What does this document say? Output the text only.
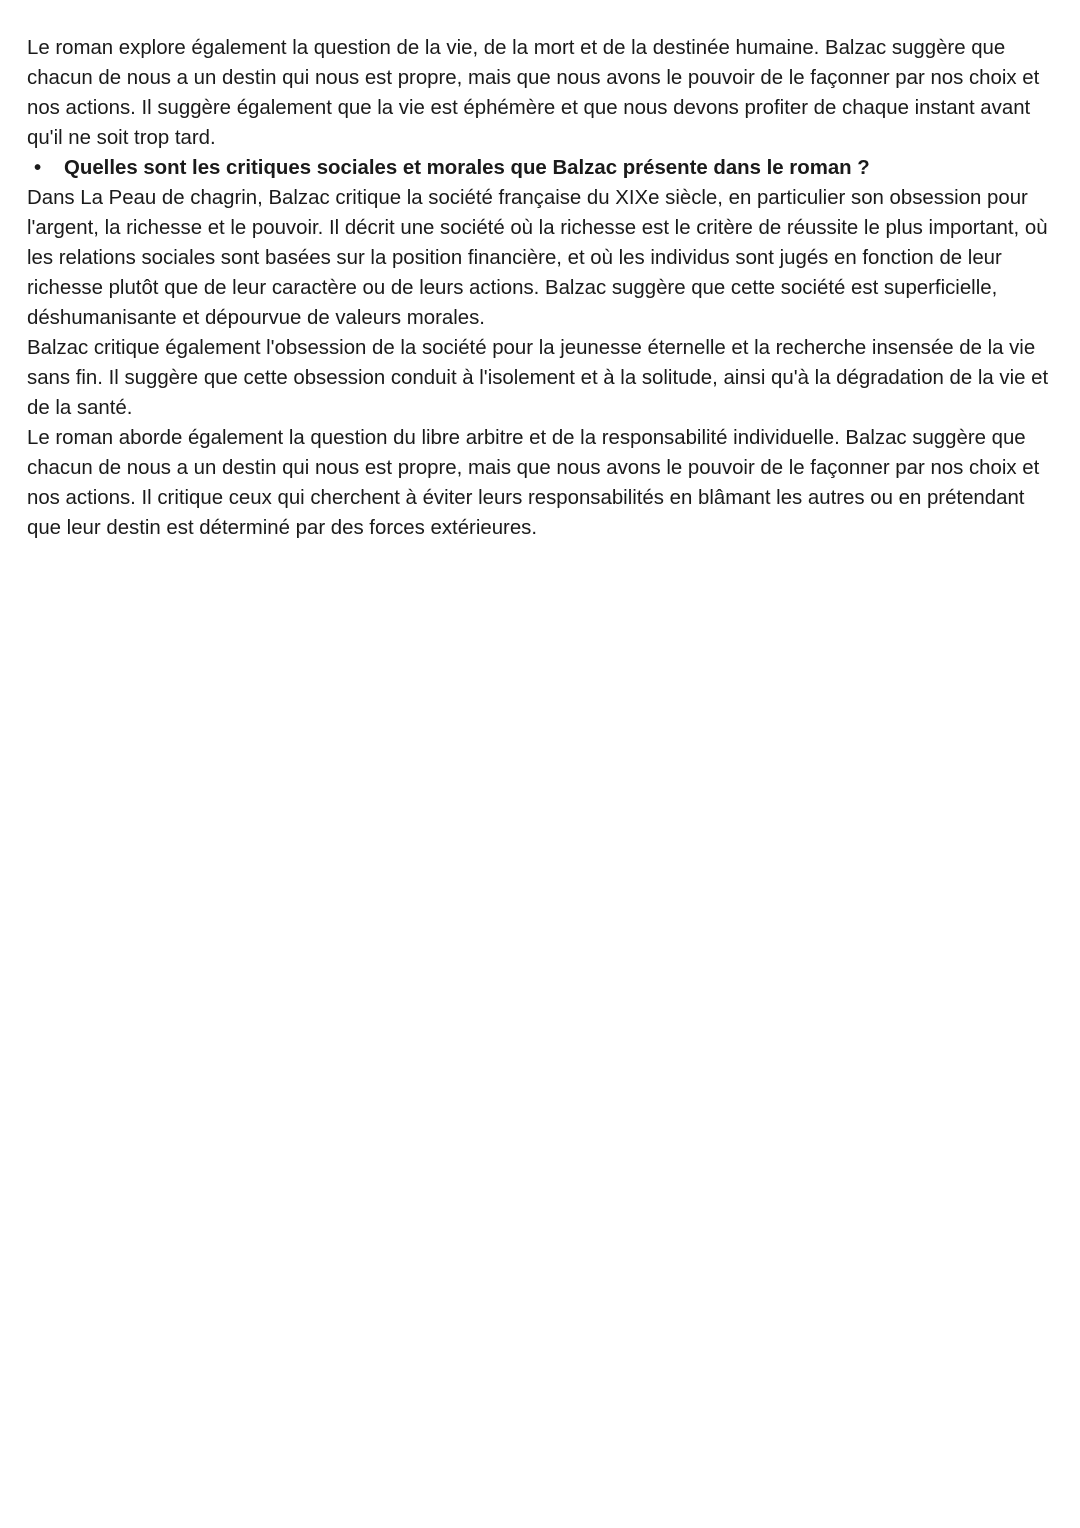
Le roman explore également la question de la vie, de la mort et de la destinée humaine. Balzac suggère que chacun de nous a un destin qui nous est propre, mais que nous avons le pouvoir de le façonner par nos choix et nos actions. Il suggère également que la vie est éphémère et que nous devons profiter de chaque instant avant qu'il ne soit trop tard.

• Quelles sont les critiques sociales et morales que Balzac présente dans le roman ?

Dans La Peau de chagrin, Balzac critique la société française du XIXe siècle, en particulier son obsession pour l'argent, la richesse et le pouvoir. Il décrit une société où la richesse est le critère de réussite le plus important, où les relations sociales sont basées sur la position financière, et où les individus sont jugés en fonction de leur richesse plutôt que de leur caractère ou de leurs actions. Balzac suggère que cette société est superficielle, déshumanisante et dépourvue de valeurs morales.

Balzac critique également l'obsession de la société pour la jeunesse éternelle et la recherche insensée de la vie sans fin. Il suggère que cette obsession conduit à l'isolement et à la solitude, ainsi qu'à la dégradation de la vie et de la santé.

Le roman aborde également la question du libre arbitre et de la responsabilité individuelle. Balzac suggère que chacun de nous a un destin qui nous est propre, mais que nous avons le pouvoir de le façonner par nos choix et nos actions. Il critique ceux qui cherchent à éviter leurs responsabilités en blâmant les autres ou en prétendant que leur destin est déterminé par des forces extérieures.
